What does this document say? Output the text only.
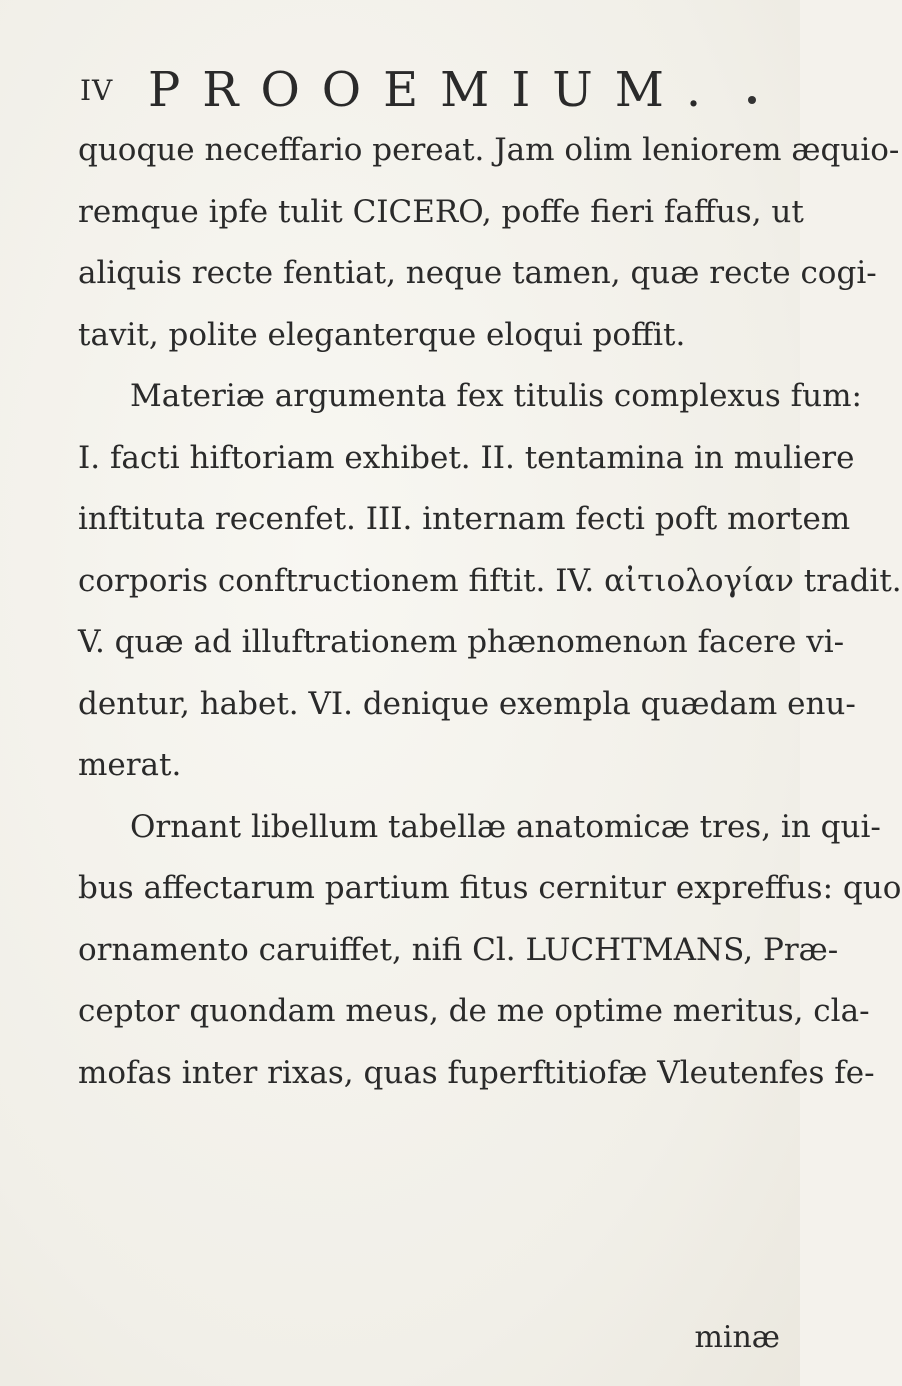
IV PROOEMIUM.
quoque neceffario pereat. Jam olim leniorem æquio-
remque ipfe tulit CICERO, poffe fieri faffus, ut
aliquis recte fentiat, neque tamen, quæ recte cogi-
tavit, polite eleganterque eloqui poffit.
Materiæ argumenta fex titulis complexus fum:
I. facti hiftoriam exhibet. II. tentamina in muliere
inftituta recenfet. III. internam fecti poft mortem
corporis conftructionem fiftit. IV. αἰτιολογίαν tradit.
V. quæ ad illuftrationem phænomenωn facere vi-
dentur, habet. VI. denique exempla quædam enu-
merat.
Ornant libellum tabellæ anatomicæ tres, in qui-
bus affectarum partium fitus cernitur expreffus: quo
ornamento caruiffet, nifi Cl. LUCHTMANS, Præ-
ceptor quondam meus, de me optime meritus, cla-
mofas inter rixas, quas fuperftitiofæ Vleutenfes fe-
minæ
